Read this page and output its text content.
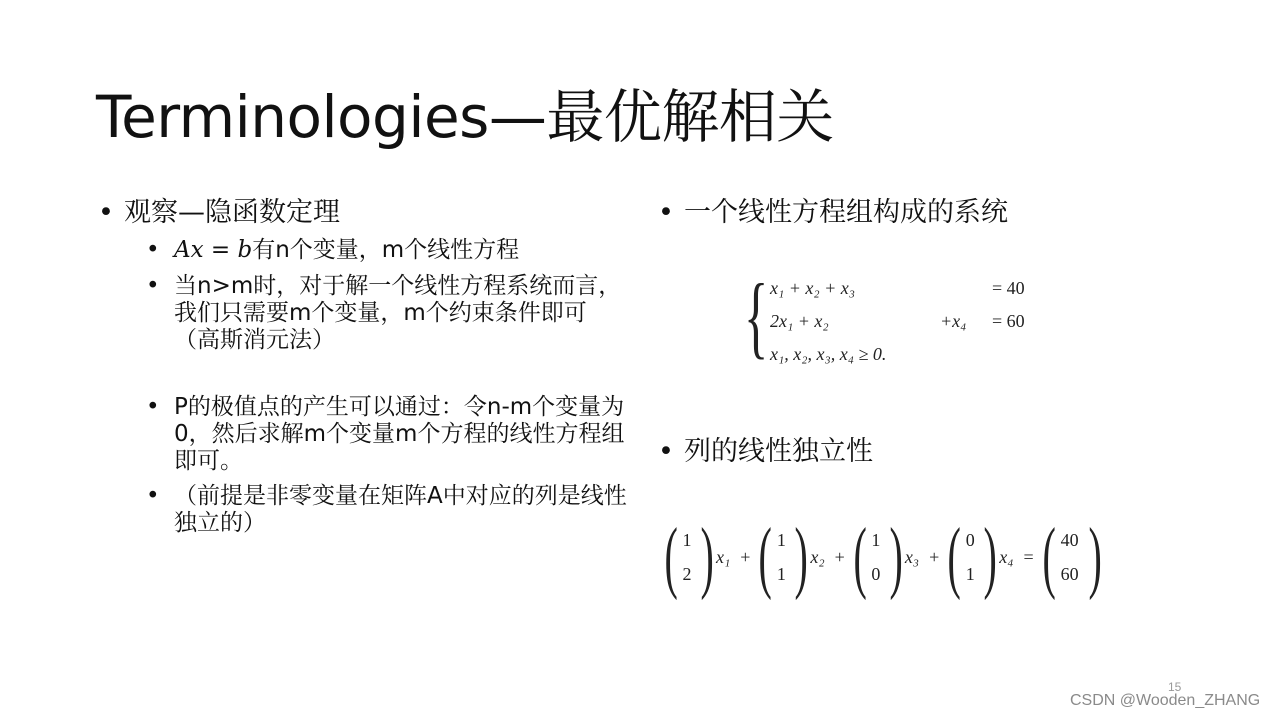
Terminologies—最优解相关
• 观察—隐函数定理
• Ax = b有n个变量，m个线性方程
• 当n>m时，对于解一个线性方程系统而言，我们只需要m个变量，m个约束条件即可（高斯消元法）
• P的极值点的产生可以通过：令n-m个变量为0，然后求解m个变量m个方程的线性方程组即可。
• （前提是非零变量在矩阵A中对应的列是线性独立的）
• 一个线性方程组构成的系统
{ x₁ + x₂ + x₃	= 40
2x₁ + x₂	+x₄ = 60
x₁, x₂, x₃, x₄ ≥ 0.
• 列的线性独立性
( 1
2 ) x₁ + ( 1
1 ) x₂ + ( 1
0 ) x₃ + ( 0
1 ) x₄ = ( 40
60 )
15
CSDN @Wooden_ZHANG
